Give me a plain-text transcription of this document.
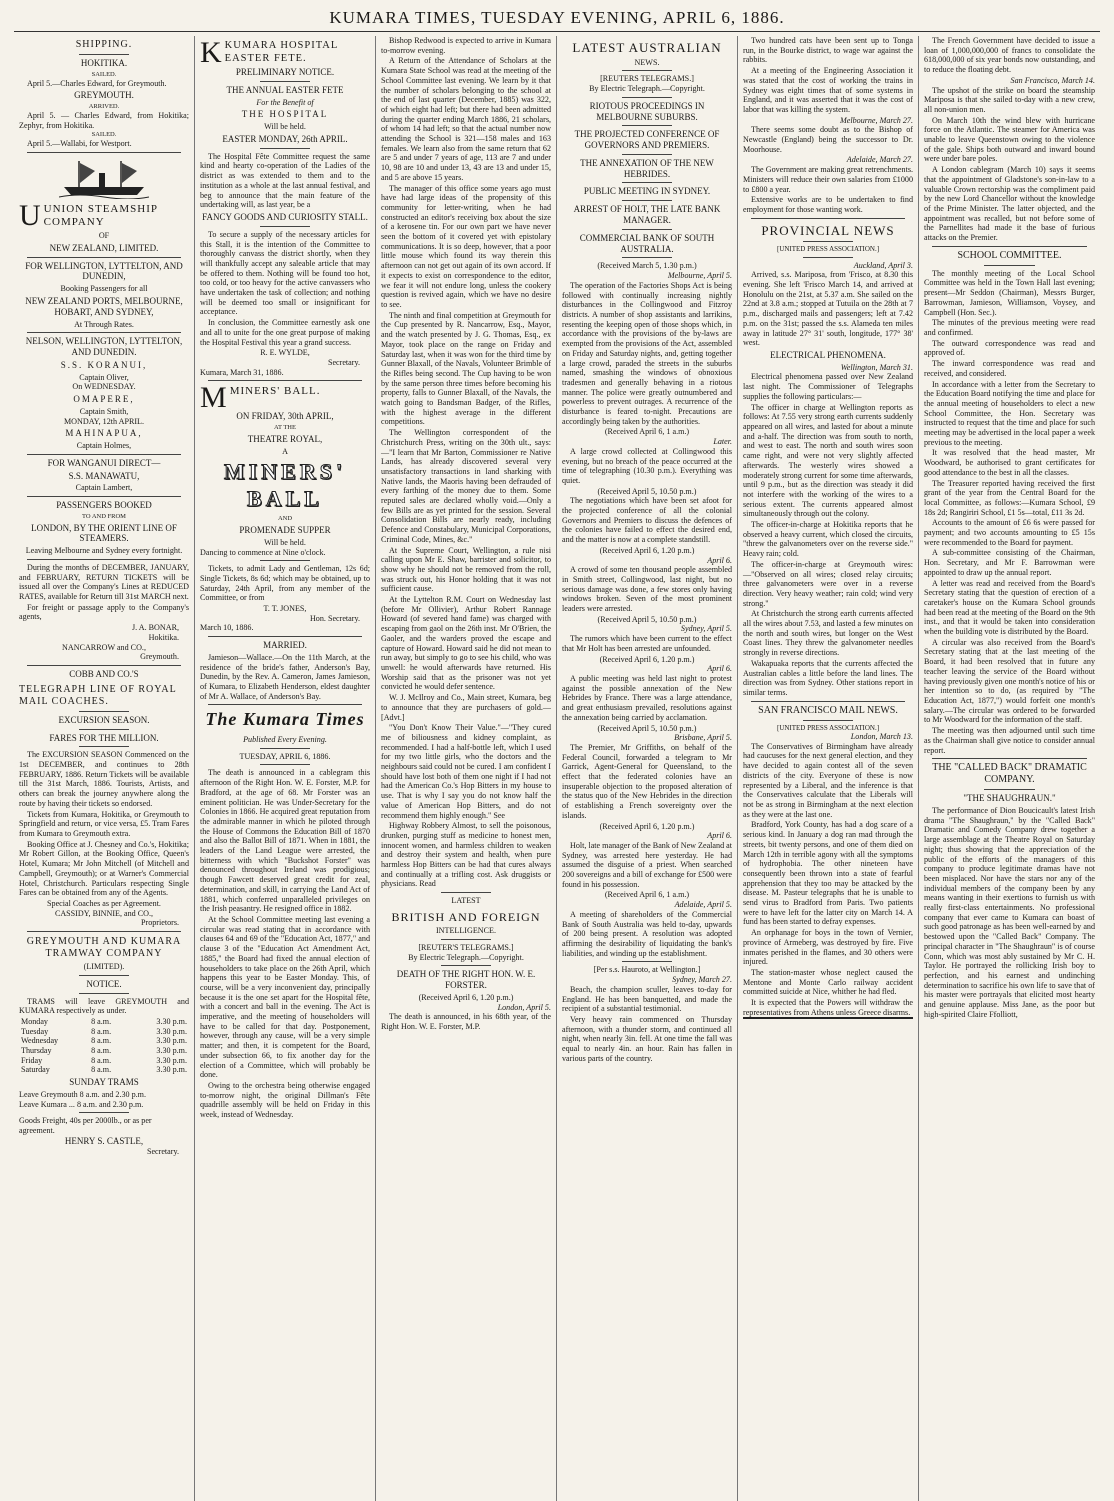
KUMARA TIMES, TUESDAY EVENING, APRIL 6, 1886.
SHIPPING.
HOKITIKA.
SAILED.

April 5.—Charles Edward, for Greymouth.

GREYMOUTH.
ARRIVED.

April 5. — Charles Edward, from Hokitika; Zephyr, from Hokitika.

SAILED.

April 5.—Wallabi, for Westport.

UUNION STEAMSHIP COMPANY
OF
NEW ZEALAND, LIMITED.
FOR WELLINGTON, LYTTELTON, AND DUNEDIN,
Booking Passengers for all
NEW ZEALAND PORTS, MELBOURNE, HOBART, AND SYDNEY,
At Through Rates.
NELSON, WELLINGTON, LYTTELTON, AND DUNEDIN.
S.S. KORANUI,
Captain Oliver,
On WEDNESDAY.
OMAPERE,
Captain Smith,
MONDAY, 12th APRIL.
MAHINAPUA,
Captain Holmes,
FOR WANGANUI DIRECT—
S.S. MANAWATU,
Captain Lambert,
PASSENGERS BOOKED
TO AND FROM
LONDON, BY THE ORIENT LINE OF STEAMERS.
Leaving Melbourne and Sydney every fortnight.

During the months of DECEMBER, JANUARY, and FEBRUARY, RETURN TICKETS will be issued all over the Company's Lines at REDUCED RATES, available for Return till 31st MARCH next.

For freight or passage apply to the Company's agents,

J. A. BONAR,
Hokitika.
NANCARROW and CO.,
Greymouth.
COBB AND CO.'S
TELEGRAPH LINE OF ROYAL MAIL COACHES.
EXCURSION SEASON.
FARES FOR THE MILLION.

The EXCURSION SEASON Commenced on the 1st DECEMBER, and continues to 28th FEBRUARY, 1886. Return Tickets will be available till the 31st March, 1886. Tourists, Artists, and others can break the journey anywhere along the route by having their tickets so endorsed.

Tickets from Kumara, Hokitika, or Greymouth to Springfield and return, or vice versa, £5. Tram Fares from Kumara to Greymouth extra.

Booking Office at J. Chesney and Co.'s, Hokitika; Mr Robert Gillon, at the Booking Office, Queen's Hotel, Kumara; Mr John Mitchell (of Mitchell and Campbell, Greymouth); or at Warner's Commercial Hotel, Christchurch. Particulars respecting Single Fares can be obtained from any of the Agents.

Special Coaches as per Agreement.
CASSIDY, BINNIE, and CO.,
Proprietors.
GREYMOUTH AND KUMARA TRAMWAY COMPANY
(LIMITED).
NOTICE.

TRAMS will leave GREYMOUTH and KUMARA respectively as under.

Monday	8 a.m.	3.30 p.m.
Tuesday	8 a.m.	3.30 p.m.
Wednesday	8 a.m.	3.30 p.m.
Thursday	8 a.m.	3.30 p.m.
Friday	8 a.m.	3.30 p.m.
Saturday	8 a.m.	3.30 p.m.
SUNDAY TRAMS
Leave Greymouth 8 a.m. and 2.30 p.m.
Leave Kumara ... 8 a.m. and 2.30 p.m.
Goods Freight, 40s per 2000lb., or as per agreement.
HENRY S. CASTLE,
Secretary.
KKUMARA HOSPITAL EASTER FETE.
PRELIMINARY NOTICE.
THE ANNUAL EASTER FETE
For the Benefit of
THE HOSPITAL
Will be held.
EASTER MONDAY, 26th APRIL.

The Hospital Fête Committee request the same kind and hearty co-operation of the Ladies of the district as was extended to them and to the institution as a whole at the last annual festival, and beg to announce that the main feature of the undertaking will, as last year, be a

FANCY GOODS AND CURIOSITY STALL.

To secure a supply of the necessary articles for this Stall, it is the intention of the Committee to thoroughly canvass the district shortly, when they will thankfully accept any saleable article that may be offered to them. Nothing will be found too hot, too cold, or too heavy for the active canvassers who have undertaken the task of collection; and nothing will be deemed too small or insignificant for acceptance.

In conclusion, the Committee earnestly ask one and all to unite for the one great purpose of making the Hospital Festival this year a grand success.

R. E. WYLDE,
Secretary.
Kumara, March 31, 1886.
MMINERS' BALL.
ON FRIDAY, 30th APRIL,
AT THE
THEATRE ROYAL,
A
MINERS' BALL
AND
PROMENADE SUPPER
Will be held.
Dancing to commence at Nine o'clock.

Tickets, to admit Lady and Gentleman, 12s 6d; Single Tickets, 8s 6d; which may be obtained, up to Saturday, 24th April, from any member of the Committee, or from

T. T. JONES,
Hon. Secretary.
March 10, 1886.
MARRIED.

Jamieson—Wallace.—On the 11th March, at the residence of the bride's father, Anderson's Bay, Dunedin, by the Rev. A. Cameron, James Jamieson, of Kumara, to Elizabeth Henderson, eldest daughter of Mr A. Wallace, of Anderson's Bay.

The Kumara Times
Published Every Evening.
TUESDAY, APRIL 6, 1886.

The death is announced in a cablegram this afternoon of the Right Hon. W. E. Forster, M.P. for Bradford, at the age of 68. Mr Forster was an eminent politician. He was Under-Secretary for the Colonies in 1866. He acquired great reputation from the admirable manner in which he piloted through the House of Commons the Education Bill of 1870 and also the Ballot Bill of 1871. When in 1881, the leaders of the Land League were arrested, the bitterness with which "Buckshot Forster" was denounced throughout Ireland was prodigious; though Fawcett deserved great credit for zeal, determination, and skill, in carrying the Land Act of 1881, which conferred unparalleled privileges on the Irish peasantry. He resigned office in 1882.

At the School Committee meeting last evening a circular was read stating that in accordance with clauses 64 and 69 of the "Education Act, 1877," and clause 3 of the "Education Act Amendment Act, 1885," the Board had fixed the annual election of householders to take place on the 26th April, which happens this year to be Easter Monday. This, of course, will be a very inconvenient day, principally because it is the one set apart for the Hospital fête, with a concert and ball in the evening. The Act is imperative, and the meeting of householders will have to be called for that day. Postponement, however, through any cause, will be a very simple matter; and then, it is competent for the Board, under subsection 66, to fix another day for the election of a Committee, which will probably be done.

Owing to the orchestra being otherwise engaged to-morrow night, the original Dillman's Fête quadrille assembly will be held on Friday in this week, instead of Wednesday.

Bishop Redwood is expected to arrive in Kumara to-morrow evening.

A Return of the Attendance of Scholars at the Kumara State School was read at the meeting of the School Committee last evening. We learn by it that the number of scholars belonging to the school at the end of last quarter (December, 1885) was 322, of which eight had left; but there had been admitted during the quarter ending March 1886, 21 scholars, of whom 14 had left; so that the actual number now attending the School is 321—158 males and 163 females. We learn also from the same return that 62 are 5 and under 7 years of age, 113 are 7 and under 10, 98 are 10 and under 13, 43 are 13 and under 15, and 5 are above 15 years.

The manager of this office some years ago must have had large ideas of the propensity of this community for letter-writing, when he had constructed an editor's receiving box about the size of a kerosene tin. For our own part we have never seen the bottom of it covered yet with epistolary communications. It is so deep, however, that a poor little mouse which found its way therein this afternoon can not get out again of its own accord. If it expects to exist on correspondence to the editor, we fear it will not endure long, unless the cookery question is revived again, which we have no desire to see.

The ninth and final competition at Greymouth for the Cup presented by R. Nancarrow, Esq., Mayor, and the watch presented by J. G. Thomas, Esq., ex Mayor, took place on the range on Friday and Saturday last, when it was won for the third time by Gunner Blaxall, of the Navals, Volunteer Brimble of the Rifles being second. The Cup having to be won by the same person three times before becoming his property, falls to Gunner Blaxall, of the Navals, the watch going to Bandsman Badger, of the Rifles, with the highest average in the different competitions.

The Wellington correspondent of the Christchurch Press, writing on the 30th ult., says:—"I learn that Mr Barton, Commissioner re Native Lands, has already discovered several very unsatisfactory transactions in land sharking with Native lands, the Maoris having been defrauded of every farthing of the money due to them. Some reputed sales are declared wholly void.—Only a few Bills are as yet printed for the session. Several Consolidation Bills are nearly ready, including Defence and Constabulary, Municipal Corporations, Criminal Code, Mines, &c."

At the Supreme Court, Wellington, a rule nisi calling upon Mr E. Shaw, barrister and solicitor, to show why he should not be removed from the roll, was struck out, his Honor holding that it was not sufficient cause.

At the Lyttelton R.M. Court on Wednesday last (before Mr Ollivier), Arthur Robert Rannage Howard (of severed hand fame) was charged with escaping from gaol on the 26th inst. Mr O'Brien, the Gaoler, and the warders proved the escape and capture of Howard. Howard said he did not mean to run away, but simply to go to see his child, who was unwell: he would afterwards have returned. His Worship said that as the prisoner was not yet convicted he would defer sentence.

W. J. McIlroy and Co., Main street, Kumara, beg to announce that they are purchasers of gold.—[Advt.]

"You Don't Know Their Value."—"They cured me of biliousness and kidney complaint, as recommended. I had a half-bottle left, which I used for my two little girls, who the doctors and the neighbours said could not be cured. I am confident I should have lost both of them one night if I had not had the American Co.'s Hop Bitters in my house to use. That is why I say you do not know half the value of American Hop Bitters, and do not recommend them highly enough." See

Highway Robbery Almost, to sell the poisonous, drunken, purging stuff as medicine to honest men, innocent women, and harmless children to weaken and destroy their system and health, when pure harmless Hop Bitters can be had that cures always and continually at a trifling cost. Ask druggists or physicians. Read

LATEST
BRITISH AND FOREIGN
INTELLIGENCE.
[REUTER'S TELEGRAMS.]
By Electric Telegraph.—Copyright.
DEATH OF THE RIGHT HON. W. E. FORSTER.
(Received April 6, 1.20 p.m.)
London, April 5.

The death is announced, in his 68th year, of the Right Hon. W. E. Forster, M.P.

LATEST AUSTRALIAN
NEWS.
[REUTERS TELEGRAMS.]
By Electric Telegraph.—Copyright.
RIOTOUS PROCEEDINGS IN MELBOURNE SUBURBS.
THE PROJECTED CONFERENCE OF GOVERNORS AND PREMIERS.
THE ANNEXATION OF THE NEW HEBRIDES.
PUBLIC MEETING IN SYDNEY.
ARREST OF HOLT, THE LATE BANK MANAGER.
COMMERCIAL BANK OF SOUTH AUSTRALIA.
(Received March 5, 1.30 p.m.)
Melbourne, April 5.

The operation of the Factories Shops Act is being followed with continually increasing nightly disturbances in the Collingwood and Fitzroy districts. A number of shop assistants and larrikins, resenting the keeping open of those shops which, in accordance with the provisions of the by-laws are exempted from the provisions of the Act, assembled on Friday and Saturday nights, and, getting together a large crowd, paraded the streets in the suburbs named, smashing the windows of obnoxious tradesmen and generally behaving in a riotous manner. The police were greatly outnumbered and powerless to prevent outrages. A recurrence of the disturbance is feared to-night. Precautions are accordingly being taken by the authorities.

(Received April 6, 1 a.m.)
Later.

A large crowd collected at Collingwood this evening, but no breach of the peace occurred at the time of telegraphing (10.30 p.m.). Everything was quiet.

(Received April 5, 10.50 p.m.)

The negotiations which have been set afoot for the projected conference of all the colonial Governors and Premiers to discuss the defences of the colonies have failed to effect the desired end, and the matter is now at a complete standstill.

(Received April 6, 1.20 p.m.)
April 6.

A crowd of some ten thousand people assembled in Smith street, Collingwood, last night, but no serious damage was done, a few stores only having windows broken. Seven of the most prominent leaders were arrested.

(Received April 5, 10.50 p.m.)
Sydney, April 5.

The rumors which have been current to the effect that Mr Holt has been arrested are unfounded.

(Received April 6, 1.20 p.m.)
April 6.

A public meeting was held last night to protest against the possible annexation of the New Hebrides by France. There was a large attendance, and great enthusiasm prevailed, resolutions against the annexation being carried by acclamation.

(Received April 5, 10.50 p.m.)
Brisbane, April 5.

The Premier, Mr Griffiths, on behalf of the Federal Council, forwarded a telegram to Mr Garrick, Agent-General for Queensland, to the effect that the federated colonies have an insuperable objection to the proposed alteration of the status quo of the New Hebrides in the direction of establishing a French sovereignty over the islands.

(Received April 6, 1.20 p.m.)
April 6.

Holt, late manager of the Bank of New Zealand at Sydney, was arrested here yesterday. He had assumed the disguise of a priest. When searched 200 sovereigns and a bill of exchange for £500 were found in his possession.

(Received April 6, 1 a.m.)
Adelaide, April 5.

A meeting of shareholders of the Commercial Bank of South Australia was held to-day, upwards of 200 being present. A resolution was adopted affirming the desirability of liquidating the bank's liabilities, and winding up the establishment.

[Per s.s. Hauroto, at Wellington.]
Sydney, March 27.

Beach, the champion sculler, leaves to-day for England. He has been banquetted, and made the recipient of a substantial testimonial.

Very heavy rain commenced on Thursday afternoon, with a thunder storm, and continued all night, when nearly 3in. fell. At one time the fall was equal to nearly 4in. an hour. Rain has fallen in various parts of the country.

Two hundred cats have been sent up to Tonga run, in the Bourke district, to wage war against the rabbits.

At a meeting of the Engineering Association it was stated that the cost of working the trains in Sydney was eight times that of some systems in England, and it was asserted that it was the cost of labor that was killing the system.

Melbourne, March 27.

There seems some doubt as to the Bishop of Newcastle (England) being the successor to Dr. Moorhouse.

Adelaide, March 27.

The Government are making great retrenchments. Ministers will reduce their own salaries from £1000 to £800 a year.

Extensive works are to be undertaken to find employment for those wanting work.

PROVINCIAL NEWS
[UNITED PRESS ASSOCIATION.]
Auckland, April 3.

Arrived, s.s. Mariposa, from 'Frisco, at 8.30 this evening. She left 'Frisco March 14, and arrived at Honolulu on the 21st, at 5.37 a.m. She sailed on the 22nd at 3.8 a.m.; stopped at Tutuila on the 28th at 7 p.m., discharged mails and passengers; left at 7.42 p.m. on the 31st; passed the s.s. Alameda ten miles away in latitude 27° 31' south, longitude, 177° 38' west.

ELECTRICAL PHENOMENA.
Wellington, March 31.

Electrical phenomena passed over New Zealand last night. The Commissioner of Telegraphs supplies the following particulars:—

The officer in charge at Wellington reports as follows: At 7.55 very strong earth currents suddenly appeared on all wires, and lasted for about a minute and a-half. The direction was from south to north, and west to east. The north and south wires soon came right, and were not very slightly affected afterwards. The westerly wires showed a moderately strong current for some time afterwards, until 9 p.m., but as the direction was steady it did not interfere with the working of the wires to a serious extent. The currents appeared almost simultaneously through out the colony.

The officer-in-charge at Hokitika reports that he observed a heavy current, which closed the circuits, "threw the galvanometers over on the reverse side." Heavy rain; cold.

The officer-in-charge at Greymouth wires:—"Observed on all wires; closed relay circuits; three galvanometers were over in a reverse direction. Very heavy weather; rain cold; wind very strong."

At Christchurch the strong earth currents affected all the wires about 7.53, and lasted a few minutes on the north and south wires, but longer on the West Coast lines. They threw the galvanometer needles strongly in reverse directions.

Wakapuaka reports that the currents affected the Australian cables a little before the land lines. The direction was from Sydney. Other stations report in similar terms.

SAN FRANCISCO MAIL NEWS.
[UNITED PRESS ASSOCIATION.]
London, March 13.

The Conservatives of Birmingham have already had caucuses for the next general election, and they have decided to again contest all of the seven districts of the city. Everyone of these is now represented by a Liberal, and the inference is that the Conservatives calculate that the Liberals will not be as strong in Birmingham at the next election as they were at the last one.

Bradford, York County, has had a dog scare of a serious kind. In January a dog ran mad through the streets, bit twenty persons, and one of them died on March 12th in terrible agony with all the symptoms of hydrophobia. The other nineteen have consequently been thrown into a state of fearful apprehension that they too may be attacked by the disease. M. Pasteur telegraphs that he is unable to send virus to Bradford from Paris. Two patients were to have left for the latter city on March 14. A fund has been started to defray expenses.

An orphanage for boys in the town of Vernier, province of Armeberg, was destroyed by fire. Five inmates perished in the flames, and 30 others were injured.

The station-master whose neglect caused the Mentone and Monte Carlo railway accident committed suicide at Nice, whither he had fled.

It is expected that the Powers will withdraw the representatives from Athens unless Greece disarms.

The French Government have decided to issue a loan of 1,000,000,000 of francs to consolidate the 618,000,000 of six year bonds now outstanding, and to reduce the floating debt.

San Francisco, March 14.

The upshot of the strike on board the steamship Mariposa is that she sailed to-day with a new crew, all non-union men.

On March 10th the wind blew with hurricane force on the Atlantic. The steamer for America was unable to leave Queenstown owing to the violence of the gale. Ships both outward and inward bound were under bare poles.

A London cablegram (March 10) says it seems that the appointment of Gladstone's son-in-law to a valuable Crown rectorship was the compliment paid by the new Lord Chancellor without the knowledge of the Prime Minister. The latter objected, and the appointment was recalled, but not before some of the Parnellites had made it the base of furious attacks on the Premier.

SCHOOL COMMITTEE.

The monthly meeting of the Local School Committee was held in the Town Hall last evening; present—Mr Seddon (Chairman), Messrs Burger, Barrowman, Jamieson, Williamson, Voysey, and Campbell (Hon. Sec.).

The minutes of the previous meeting were read and confirmed.

The outward correspondence was read and approved of.

The inward correspondence was read and received, and considered.

In accordance with a letter from the Secretary to the Education Board notifying the time and place for the annual meeting of householders to elect a new School Committee, the Hon. Secretary was instructed to request that the time and place for such meeting may be advertised in the local paper a week previous to the meeting.

It was resolved that the head master, Mr Woodward, be authorised to grant certificates for good attendance to the best in all the classes.

The Treasurer reported having received the first grant of the year from the Central Board for the local Committee, as follows:—Kumara School, £9 18s 2d; Rangiriri School, £1 5s—total, £11 3s 2d.

Accounts to the amount of £6 6s were passed for payment; and two accounts amounting to £5 15s were recommended to the Board for payment.

A sub-committee consisting of the Chairman, Hon. Secretary, and Mr F. Barrowman were appointed to draw up the annual report.

A letter was read and received from the Board's Secretary stating that the question of erection of a caretaker's house on the Kumara School grounds had been read at the meeting of the Board on the 9th inst., and that it would be taken into consideration when the building vote is distributed by the Board.

A circular was also received from the Board's Secretary stating that at the last meeting of the Board, it had been resolved that in future any teacher leaving the service of the Board without having previously given one month's notice of his or her intention so to do, (as required by "The Education Act, 1877,") would forfeit one month's salary.—The circular was ordered to be forwarded to Mr Woodward for the information of the staff.

The meeting was then adjourned until such time as the Chairman shall give notice to consider annual report.

THE "CALLED BACK" DRAMATIC COMPANY.
"THE SHAUGHRAUN."

The performance of Dion Boucicault's latest Irish drama "The Shaughraun," by the "Called Back" Dramatic and Comedy Company drew together a large assemblage at the Theatre Royal on Saturday night; thus showing that the appreciation of the public of the efforts of the managers of this company to produce legitimate dramas have not been misplaced. Nor have the stars nor any of the individual members of the company been by any means wanting in their exertions to furnish us with really first-class entertainments. No professional company that ever came to Kumara can boast of such good patronage as has been well-earned by and bestowed upon the "Called Back" Company. The principal character in "The Shaughraun" is of course Conn, which was most ably sustained by Mr C. H. Taylor. He portrayed the rollicking Irish boy to perfection, and his earnest and undinching determination to sacrifice his own life to save that of his master were portrayals that elicited most hearty and genuine applause. Miss Jane, as the poor but high-spirited Claire Ffolliott,
